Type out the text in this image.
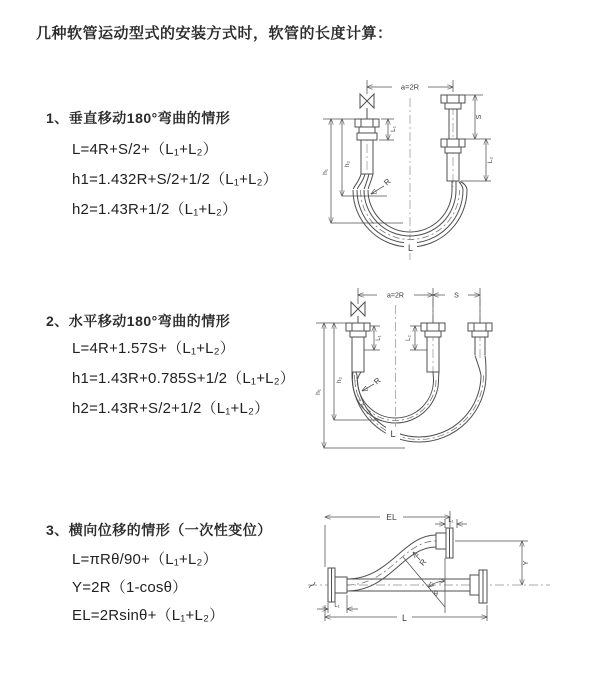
几种软管运动型式的安装方式时，软管的长度计算：
1、垂直移动180°弯曲的情形
L=4R+S/2+（L₁+L₂）
h1=1.432R+S/2+1/2（L₁+L₂）
h2=1.43R+1/2（L₁+L₂）
a=2R
L₁
S
L₂
h₁
h₂
R
L
2、水平移动180°弯曲的情形
L=4R+1.57S+（L₁+L₂）
h1=1.43R+0.785S+1/2（L₁+L₂）
h2=1.43R+S/2+1/2（L₁+L₂）
a=2R	S
L₁	L₂
h₁
h₂	R
L
3、横向位移的情形（一次性变位）
L=πRθ/90+（L₁+L₂）
Y=2R（1-cosθ）
EL=2Rsinθ+（L₁+L₂）
EL	L₁
Y
L
L₁
R
θ
